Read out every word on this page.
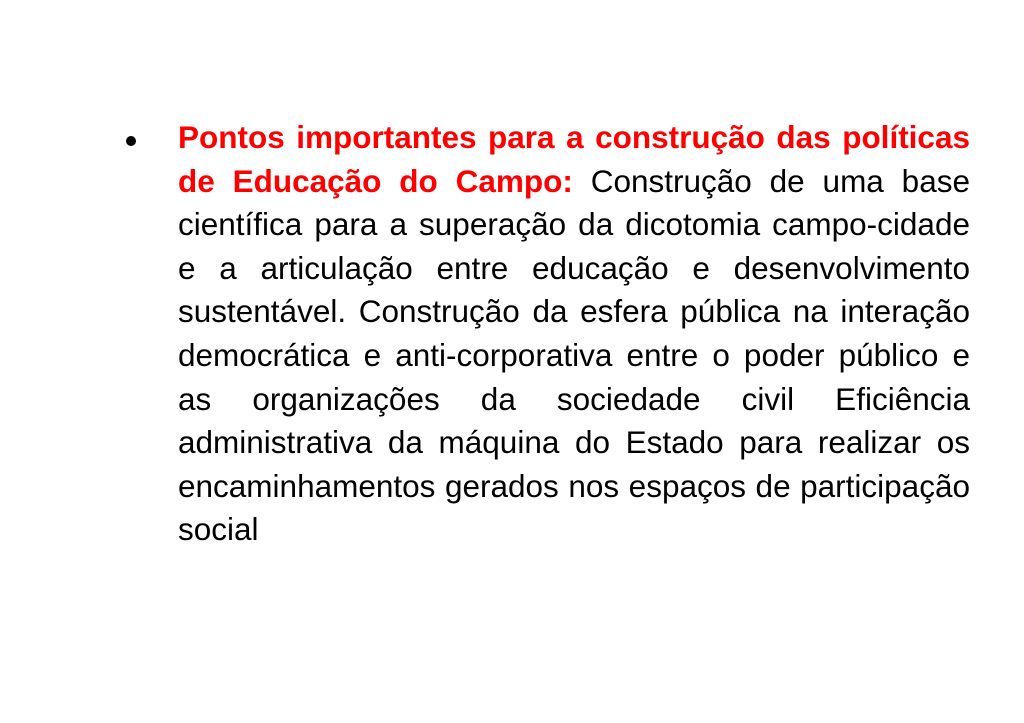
Pontos importantes para a construção das políticas de Educação do Campo: Construção de uma base científica para a superação da dicotomia campo-cidade e a articulação entre educação e desenvolvimento sustentável. Construção da esfera pública na interação democrática e anti-corporativa entre o poder público e as organizações da sociedade civil Eficiência administrativa da máquina do Estado para realizar os encaminhamentos gerados nos espaços de participação social
